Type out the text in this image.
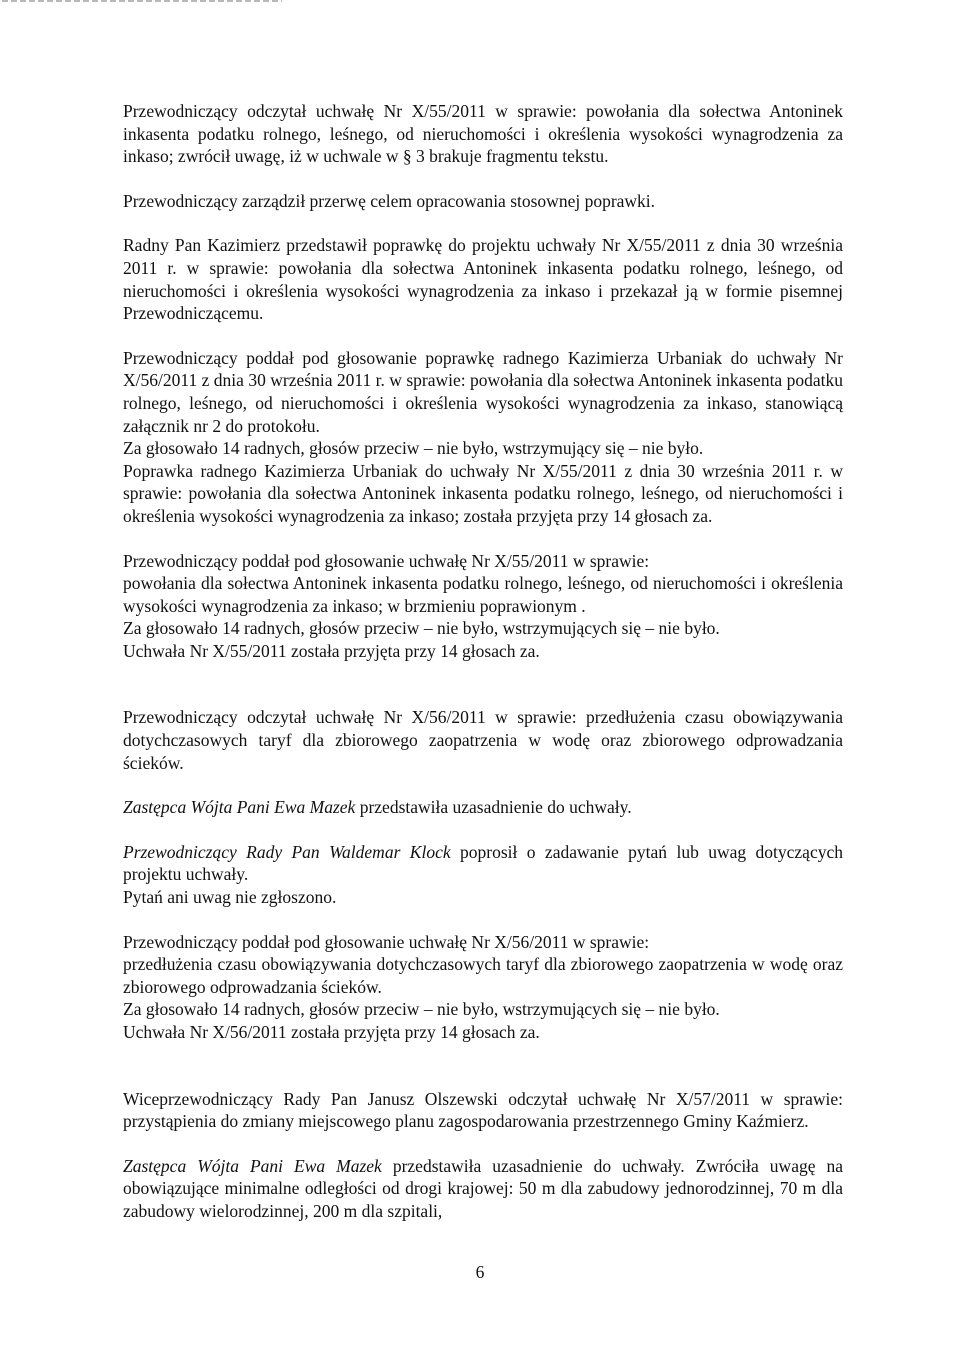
Przewodniczący odczytał uchwałę Nr X/55/2011 w sprawie: powołania dla sołectwa Antoninek inkasenta podatku rolnego, leśnego, od nieruchomości i określenia wysokości wynagrodzenia za inkaso; zwrócił uwagę, iż w uchwale w § 3 brakuje fragmentu tekstu.

Przewodniczący zarządził przerwę celem opracowania stosownej poprawki.

Radny Pan Kazimierz przedstawił poprawkę do projektu uchwały Nr X/55/2011 z dnia 30 września 2011 r. w sprawie: powołania dla sołectwa Antoninek inkasenta podatku rolnego, leśnego, od nieruchomości i określenia wysokości wynagrodzenia za inkaso i przekazał ją w formie pisemnej Przewodniczącemu.

Przewodniczący poddał pod głosowanie poprawkę radnego Kazimierza Urbaniak do uchwały Nr X/56/2011 z dnia 30 września 2011 r. w sprawie: powołania dla sołectwa Antoninek inkasenta podatku rolnego, leśnego, od nieruchomości i określenia wysokości wynagrodzenia za inkaso, stanowiącą załącznik nr 2 do protokołu.

Za głosowało 14 radnych, głosów przeciw – nie było, wstrzymujący się – nie było.

Poprawka radnego Kazimierza Urbaniak do uchwały Nr X/55/2011 z dnia 30 września 2011 r. w sprawie: powołania dla sołectwa Antoninek inkasenta podatku rolnego, leśnego, od nieruchomości i określenia wysokości wynagrodzenia za inkaso; została przyjęta przy 14 głosach za.

Przewodniczący poddał pod głosowanie uchwałę Nr X/55/2011 w sprawie:

powołania dla sołectwa Antoninek inkasenta podatku rolnego, leśnego, od nieruchomości i określenia wysokości wynagrodzenia za inkaso; w brzmieniu poprawionym .

Za głosowało 14 radnych, głosów przeciw – nie było, wstrzymujących się – nie było.

Uchwała Nr X/55/2011 została przyjęta przy 14 głosach za.

Przewodniczący odczytał uchwałę Nr X/56/2011 w sprawie: przedłużenia czasu obowiązywania dotychczasowych taryf dla zbiorowego zaopatrzenia w wodę oraz zbiorowego odprowadzania ścieków.

Zastępca Wójta Pani Ewa Mazek przedstawiła uzasadnienie do uchwały.

Przewodniczący Rady Pan Waldemar Klock poprosił o zadawanie pytań lub uwag dotyczących projektu uchwały.

Pytań ani uwag nie zgłoszono.

Przewodniczący poddał pod głosowanie uchwałę Nr X/56/2011 w sprawie:

przedłużenia czasu obowiązywania dotychczasowych taryf dla zbiorowego zaopatrzenia w wodę oraz zbiorowego odprowadzania ścieków.

Za głosowało 14 radnych, głosów przeciw – nie było, wstrzymujących się – nie było.

Uchwała Nr X/56/2011 została przyjęta przy 14 głosach za.

Wiceprzewodniczący Rady Pan Janusz Olszewski odczytał uchwałę Nr X/57/2011 w sprawie: przystąpienia do zmiany miejscowego planu zagospodarowania przestrzennego Gminy Kaźmierz.

Zastępca Wójta Pani Ewa Mazek przedstawiła uzasadnienie do uchwały. Zwróciła uwagę na obowiązujące minimalne odległości od drogi krajowej: 50 m dla zabudowy jednorodzinnej, 70 m dla zabudowy wielorodzinnej, 200 m dla szpitali,

6
